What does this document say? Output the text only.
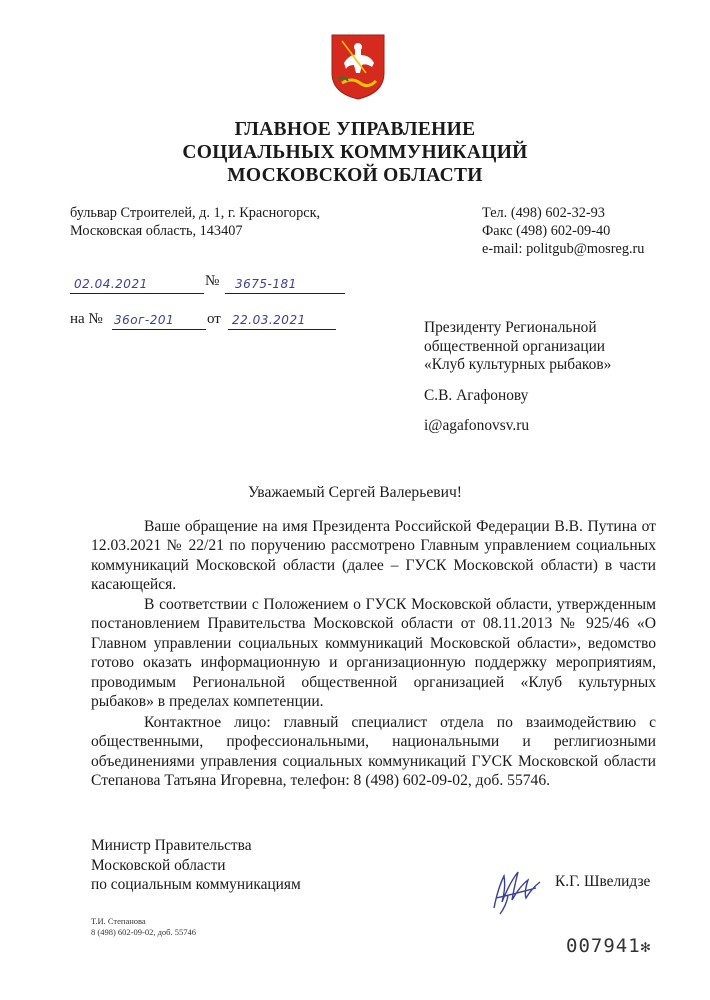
ГЛАВНОЕ УПРАВЛЕНИЕ
СОЦИАЛЬНЫХ КОММУНИКАЦИЙ
МОСКОВСКОЙ ОБЛАСТИ
бульвар Строителей, д. 1, г. Красногорск,
Московская область, 143407
Тел. (498) 602-32-93
Факс (498) 602-09-40
e-mail: politgub@mosreg.ru
02.04.2021	№	3675-181
на № 36ог-201	от 22.03.2021	Президенту Региональной
общественной организации
«Клуб культурных рыбаков»
С.В. Агафонову
i@agafonovsv.ru
Уважаемый Сергей Валерьевич!
Ваше обращение на имя Президента Российской Федерации В.В. Путина от 12.03.2021 № 22/21 по поручению рассмотрено Главным управлением социальных коммуникаций Московской области (далее – ГУСК Московской области) в части касающейся.
В соответствии с Положением о ГУСК Московской области, утвержденным постановлением Правительства Московской области от 08.11.2013 № 925/46 «О Главном управлении социальных коммуникаций Московской области», ведомство готово оказать информационную и организационную поддержку мероприятиям, проводимым Региональной общественной организацией «Клуб культурных рыбаков» в пределах компетенции.
Контактное лицо: главный специалист отдела по взаимодействию с общественными, профессиональными, национальными и реглигиозными объединениями управления социальных коммуникаций ГУСК Московской области Степанова Татьяна Игоревна, телефон: 8 (498) 602-09-02, доб. 55746.
Министр Правительства
Московской области
по социальным коммуникациям	К.Г. Швелидзе
Т.И. Степанова
8 (498) 602-09-02, доб. 55746
007941✻
